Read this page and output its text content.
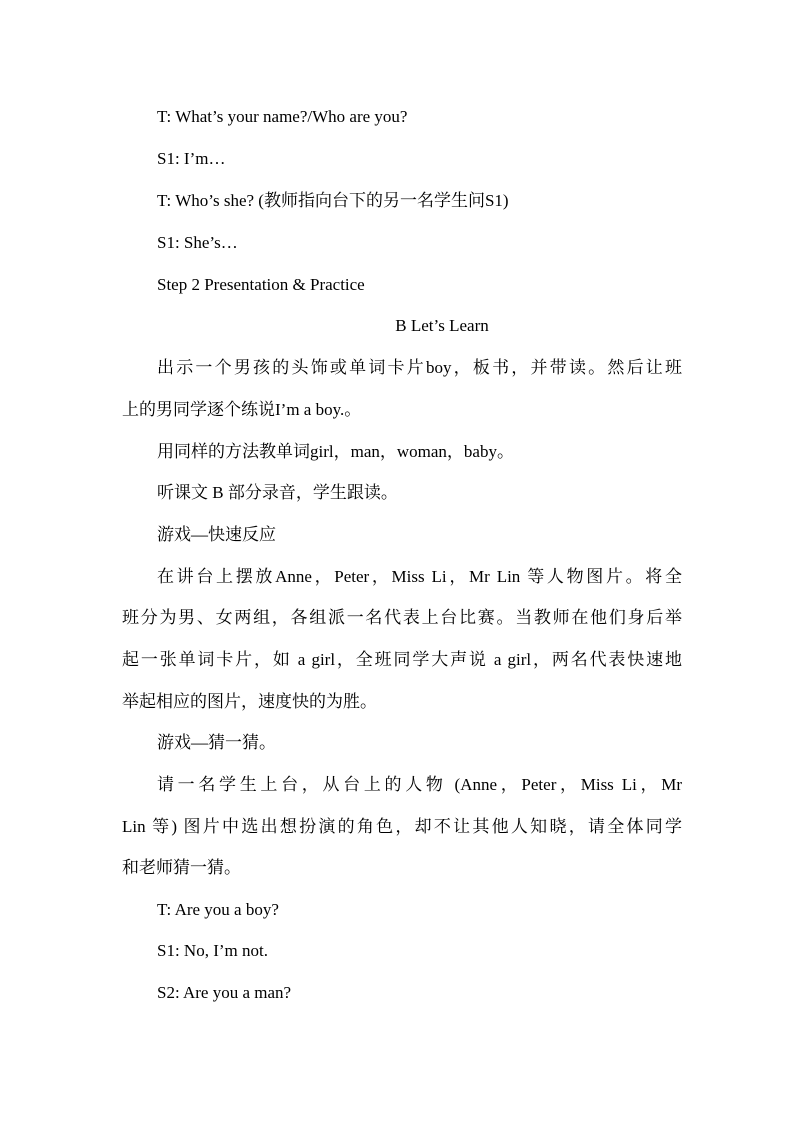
T: What’s your name?/Who are you?
S1: I’m…
T: Who’s she? (教师指向台下的另一名学生问S1)
S1: She’s…
Step 2 Presentation & Practice
B Let’s Learn
出示一个男孩的头饰或单词卡片boy，板书，并带读。然后让班
上的男同学逐个练说I’m a boy.。
用同样的方法教单词girl，man，woman，baby。
听课文 B 部分录音，学生跟读。
游戏—快速反应
在讲台上摆放Anne，Peter，Miss Li，Mr Lin 等人物图片。将全
班分为男、女两组，各组派一名代表上台比赛。当教师在他们身后举
起一张单词卡片，如 a girl，全班同学大声说 a girl，两名代表快速地
举起相应的图片，速度快的为胜。
游戏—猜一猜。
请一名学生上台，从台上的人物 (Anne，Peter，Miss Li，Mr
Lin 等) 图片中选出想扮演的角色，却不让其他人知晓，请全体同学
和老师猜一猜。
T: Are you a boy?
S1: No, I’m not.
S2: Are you a man?
